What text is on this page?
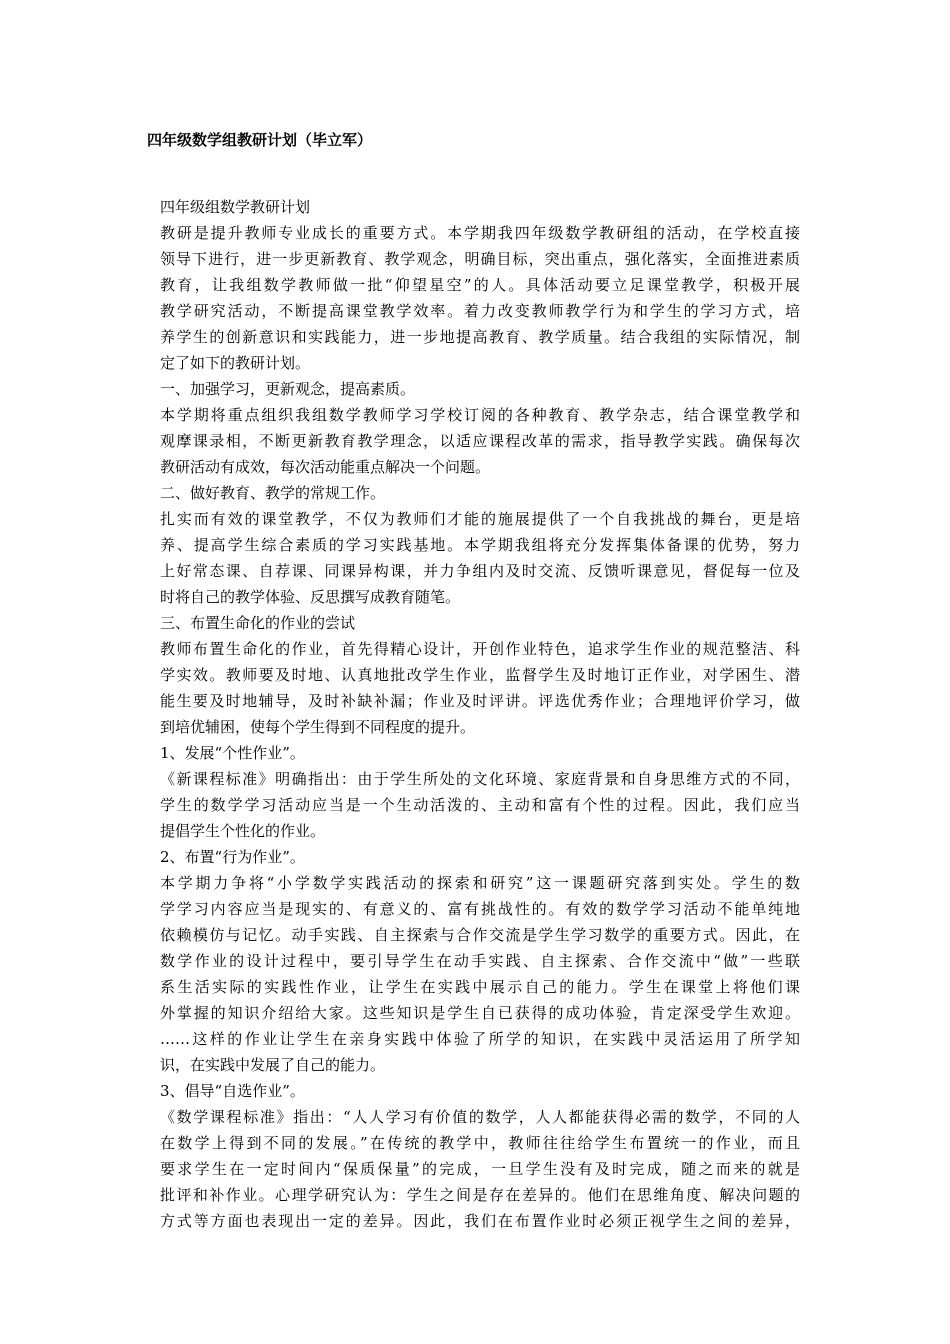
四年级数学组教研计划（毕立军）
四年级组数学教研计划
教研是提升教师专业成长的重要方式。本学期我四年级数学教研组的活动，在学校直接
领导下进行，进一步更新教育、教学观念，明确目标，突出重点，强化落实，全面推进素质
教育，让我组数学教师做一批“仰望星空”的人。具体活动要立足课堂教学，积极开展
教学研究活动，不断提高课堂教学效率。着力改变教师教学行为和学生的学习方式，培
养学生的创新意识和实践能力，进一步地提高教育、教学质量。结合我组的实际情况，制
定了如下的教研计划。
一、加强学习，更新观念，提高素质。
本学期将重点组织我组数学教师学习学校订阅的各种教育、教学杂志，结合课堂教学和
观摩课录相，不断更新教育教学理念，以适应课程改革的需求，指导教学实践。确保每次
教研活动有成效，每次活动能重点解决一个问题。
二、做好教育、教学的常规工作。
扎实而有效的课堂教学，不仅为教师们才能的施展提供了一个自我挑战的舞台，更是培
养、提高学生综合素质的学习实践基地。本学期我组将充分发挥集体备课的优势，努力
上好常态课、自荐课、同课异构课，并力争组内及时交流、反馈听课意见，督促每一位及
时将自己的教学体验、反思撰写成教育随笔。
三、布置生命化的作业的尝试
教师布置生命化的作业，首先得精心设计，开创作业特色，追求学生作业的规范整洁、科
学实效。教师要及时地、认真地批改学生作业，监督学生及时地订正作业，对学困生、潜
能生要及时地辅导，及时补缺补漏；作业及时评讲。评选优秀作业；合理地评价学习，做
到培优辅困，使每个学生得到不同程度的提升。
1、发展“个性作业”。
《新课程标准》明确指出：由于学生所处的文化环境、家庭背景和自身思维方式的不同，
学生的数学学习活动应当是一个生动活泼的、主动和富有个性的过程。因此，我们应当
提倡学生个性化的作业。
2、布置“行为作业”。
本学期力争将“小学数学实践活动的探索和研究”这一课题研究落到实处。学生的数
学学习内容应当是现实的、有意义的、富有挑战性的。有效的数学学习活动不能单纯地
依赖模仿与记忆。动手实践、自主探索与合作交流是学生学习数学的重要方式。因此，在
数学作业的设计过程中，要引导学生在动手实践、自主探索、合作交流中“做”一些联
系生活实际的实践性作业，让学生在实践中展示自己的能力。学生在课堂上将他们课
外掌握的知识介绍给大家。这些知识是学生自已获得的成功体验，肯定深受学生欢迎。
……这样的作业让学生在亲身实践中体验了所学的知识，在实践中灵活运用了所学知
识，在实践中发展了自己的能力。
3、倡导“自选作业”。
《数学课程标准》指出：“人人学习有价值的数学，人人都能获得必需的数学，不同的人
在数学上得到不同的发展。”在传统的教学中，教师往往给学生布置统一的作业，而且
要求学生在一定时间内“保质保量”的完成，一旦学生没有及时完成，随之而来的就是
批评和补作业。心理学研究认为：学生之间是存在差异的。他们在思维角度、解决问题的
方式等方面也表现出一定的差异。因此，我们在布置作业时必须正视学生之间的差异，
